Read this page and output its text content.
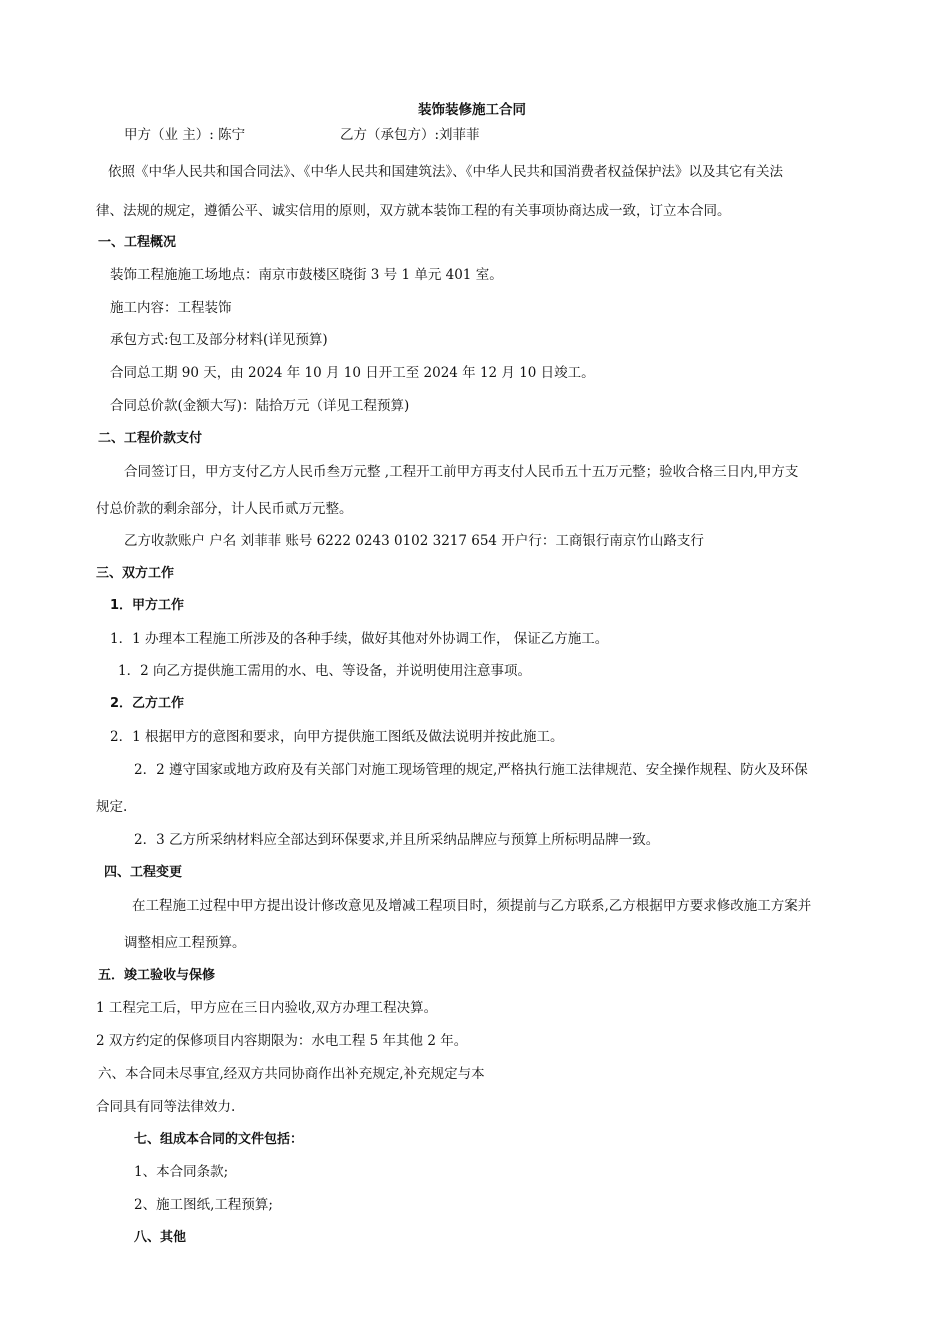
装饰装修施工合同
甲方（业 主）: 陈宁	乙方（承包方）:刘菲菲
依照《中华人民共和国合同法》、《中华人民共和国建筑法》、《中华人民共和国消费者权益保护法》以及其它有关法
律、法规的规定，遵循公平、诚实信用的原则，双方就本装饰工程的有关事项协商达成一致，订立本合同。
一、工程概况
装饰工程施施工场地点：南京市鼓楼区晓街 3 号 1 单元 401 室。
施工内容：工程装饰
承包方式:包工及部分材料(详见预算)
合同总工期 90 天，由 2024 年 10 月 10 日开工至 2024 年 12 月 10 日竣工。
合同总价款(金额大写)：陆拾万元（详见工程预算)
二、工程价款支付
合同签订日，甲方支付乙方人民币叁万元整 ,工程开工前甲方再支付人民币五十五万元整；验收合格三日内,甲方支
付总价款的剩余部分，计人民币贰万元整。
乙方收款账户 户名 刘菲菲 账号 6222 0243 0102 3217 654 开户行：工商银行南京竹山路支行
三、双方工作
1．甲方工作
1．1 办理本工程施工所涉及的各种手续，做好其他对外协调工作， 保证乙方施工。
1．2 向乙方提供施工需用的水、电、等设备，并说明使用注意事项。
2．乙方工作
2．1 根据甲方的意图和要求，向甲方提供施工图纸及做法说明并按此施工。
2．2 遵守国家或地方政府及有关部门对施工现场管理的规定,严格执行施工法律规范、安全操作规程、防火及环保
规定.
2．3 乙方所采纳材料应全部达到环保要求,并且所采纳品牌应与预算上所标明品牌一致。
四、工程变更
在工程施工过程中甲方提出设计修改意见及增减工程项目时，须提前与乙方联系,乙方根据甲方要求修改施工方案并
调整相应工程预算。
五．竣工验收与保修
1 工程完工后，甲方应在三日内验收,双方办理工程决算。
2 双方约定的保修项目内容期限为：水电工程 5 年其他 2 年。
六、本合同未尽事宜,经双方共同协商作出补充规定,补充规定与本
合同具有同等法律效力.
七、组成本合同的文件包括：
1、本合同条款;
2、施工图纸,工程预算;
八、其他
